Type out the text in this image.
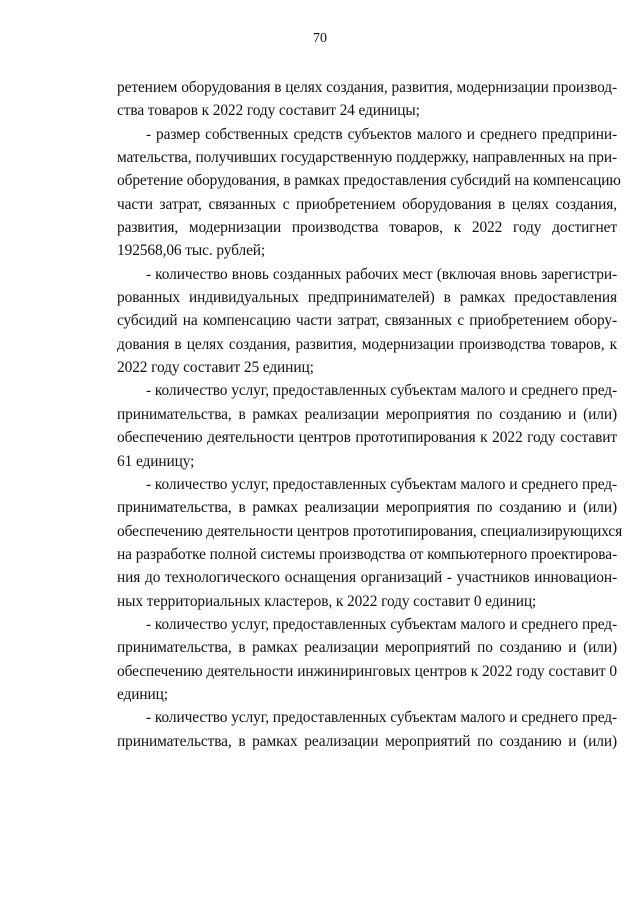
70
ретением оборудования в целях создания, развития, модернизации производ-
ства товаров к 2022 году составит 24 единицы;
- размер собственных средств субъектов малого и среднего предприни-
мательства, получивших государственную поддержку, направленных на при-
обретение оборудования, в рамках предоставления субсидий на компенсацию
части затрат, связанных с приобретением оборудования в целях создания,
развития, модернизации производства товаров, к 2022 году достигнет
192568,06 тыс. рублей;
- количество вновь созданных рабочих мест (включая вновь зарегистри-
рованных индивидуальных предпринимателей) в рамках предоставления
субсидий на компенсацию части затрат, связанных с приобретением обору-
дования в целях создания, развития, модернизации производства товаров, к
2022 году составит 25 единиц;
- количество услуг, предоставленных субъектам малого и среднего пред-
принимательства, в рамках реализации мероприятия по созданию и (или)
обеспечению деятельности центров прототипирования к 2022 году составит
61 единицу;
- количество услуг, предоставленных субъектам малого и среднего пред-
принимательства, в рамках реализации мероприятия по созданию и (или)
обеспечению деятельности центров прототипирования, специализирующихся
на разработке полной системы производства от компьютерного проектирова-
ния до технологического оснащения организаций - участников инновацион-
ных территориальных кластеров, к 2022 году составит 0 единиц;
- количество услуг, предоставленных субъектам малого и среднего пред-
принимательства, в рамках реализации мероприятий по созданию и (или)
обеспечению деятельности инжиниринговых центров к 2022 году составит 0
единиц;
- количество услуг, предоставленных субъектам малого и среднего пред-
принимательства, в рамках реализации мероприятий по созданию и (или)
